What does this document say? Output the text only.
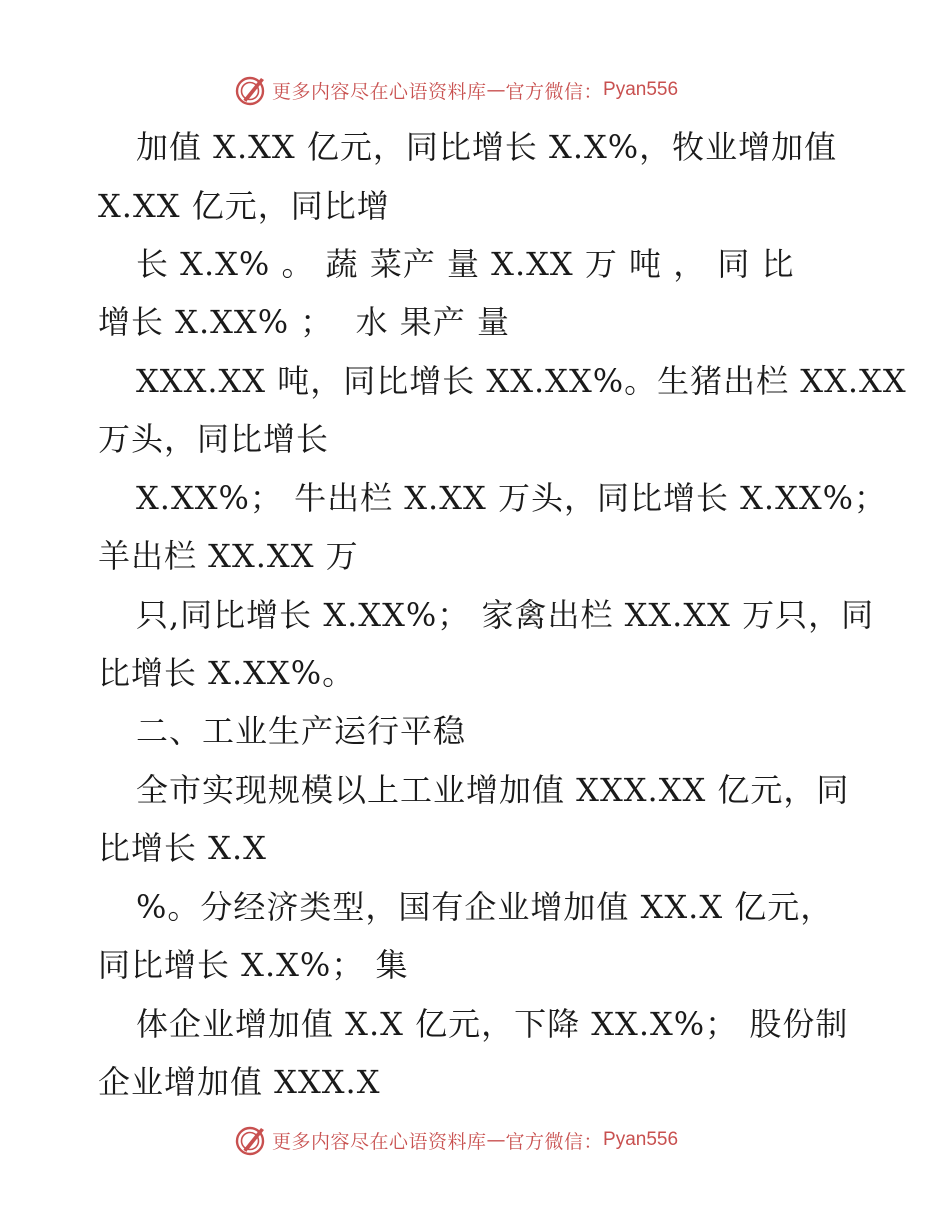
更多内容尽在心语资料库 — 官方微信： Pyan556
加值 X.XX 亿元，同比增长 X.X%，牧业增加值
X.XX 亿元，同比增
长 X.X% 。 蔬 菜产 量 X.XX 万 吨 ， 同 比
增长 X.XX% ；  水 果产 量
XXX.XX 吨，同比增长 XX.XX%。生猪出栏 XX.XX
万头，同比增长
X.XX%； 牛出栏 X.XX 万头，同比增长 X.XX%；
羊出栏 XX.XX 万
只,同比增长 X.XX%； 家禽出栏 XX.XX 万只，同
比增长 X.XX%。
二、工业生产运行平稳
全市实现规模以上工业增加值 XXX.XX 亿元，同
比增长 X.X
%。分经济类型，国有企业增加值 XX.X 亿元，
同比增长 X.X%； 集
体企业增加值 X.X 亿元，下降 XX.X%； 股份制
企业增加值 XXX.X
更多内容尽在心语资料库 — 官方微信： Pyan556
